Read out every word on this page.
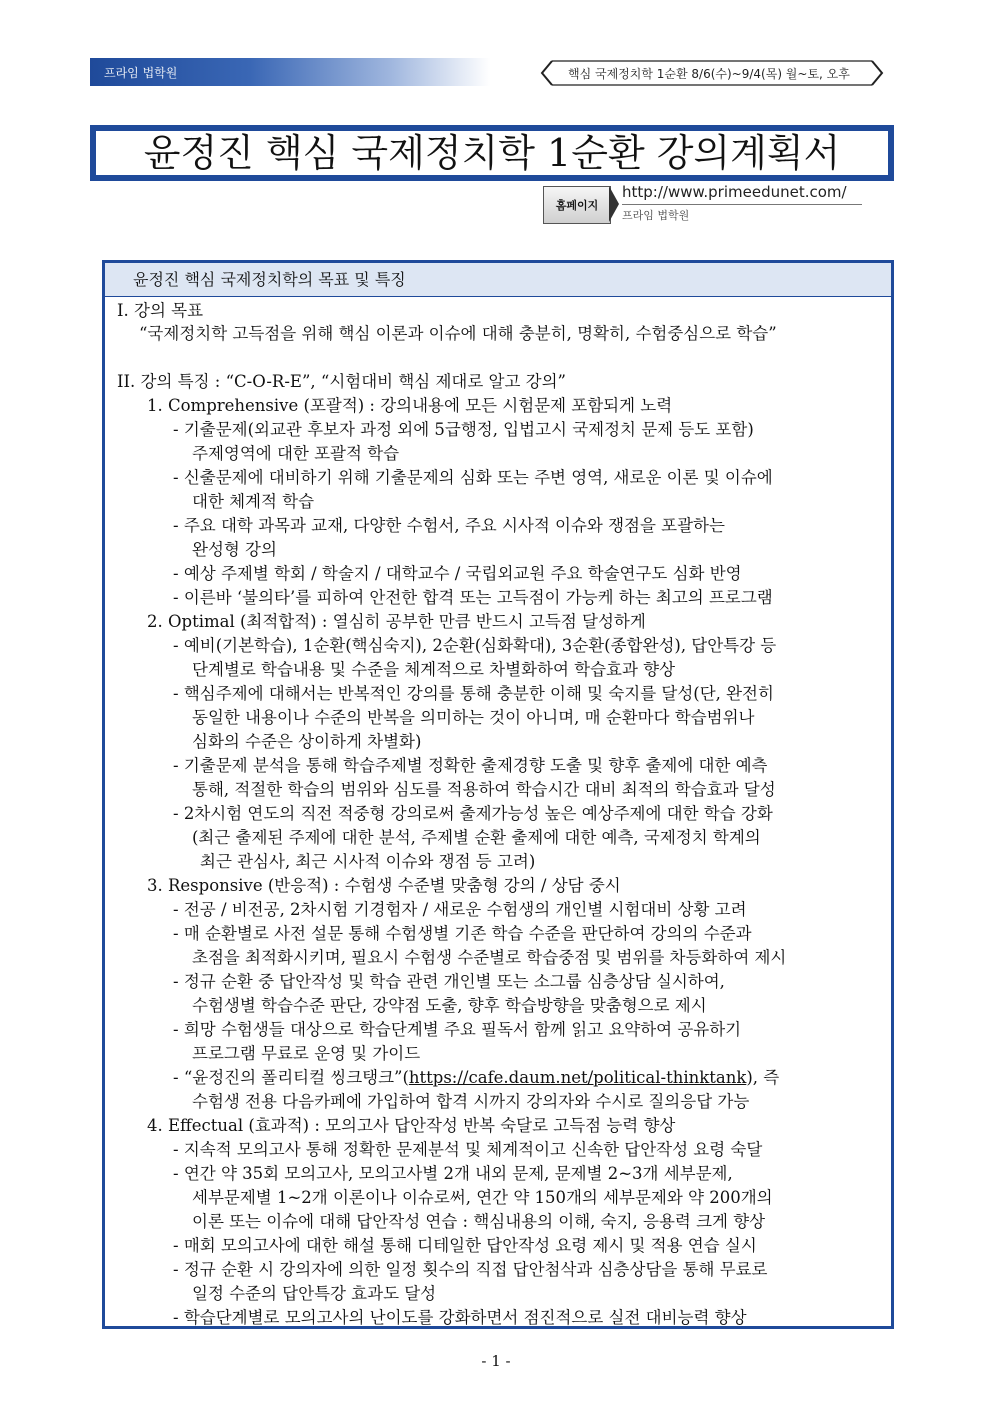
프라임 법학원	핵심 국제정치학 1순환 8/6(수)~9/4(목) 월~토, 오후
윤정진 핵심 국제정치학 1순환 강의계획서
홈페이지
http://www.primeedunet.com/
프라임 법학원
윤정진 핵심 국제정치학의 목표 및 특징
I. 강의 목표
“국제정치학 고득점을 위해 핵심 이론과 이슈에 대해 충분히, 명확히, 수험중심으로 학습”
II. 강의 특징 : “C-O-R-E”, “시험대비 핵심 제대로 알고 강의”
1. Comprehensive (포괄적) : 강의내용에 모든 시험문제 포함되게 노력
- 기출문제(외교관 후보자 과정 외에 5급행정, 입법고시 국제정치 문제 등도 포함)
주제영역에 대한 포괄적 학습
- 신출문제에 대비하기 위해 기출문제의 심화 또는 주변 영역, 새로운 이론 및 이슈에
대한 체계적 학습
- 주요 대학 과목과 교재, 다양한 수험서, 주요 시사적 이슈와 쟁점을 포괄하는
완성형 강의
- 예상 주제별 학회 / 학술지 / 대학교수 / 국립외교원 주요 학술연구도 심화 반영
- 이른바 ‘불의타’를 피하여 안전한 합격 또는 고득점이 가능케 하는 최고의 프로그램
2. Optimal (최적합적) : 열심히 공부한 만큼 반드시 고득점 달성하게
- 예비(기본학습), 1순환(핵심숙지), 2순환(심화확대), 3순환(종합완성), 답안특강 등
단계별로 학습내용 및 수준을 체계적으로 차별화하여 학습효과 향상
- 핵심주제에 대해서는 반복적인 강의를 통해 충분한 이해 및 숙지를 달성(단, 완전히
동일한 내용이나 수준의 반복을 의미하는 것이 아니며, 매 순환마다 학습범위나
심화의 수준은 상이하게 차별화)
- 기출문제 분석을 통해 학습주제별 정확한 출제경향 도출 및 향후 출제에 대한 예측
통해, 적절한 학습의 범위와 심도를 적용하여 학습시간 대비 최적의 학습효과 달성
- 2차시험 연도의 직전 적중형 강의로써 출제가능성 높은 예상주제에 대한 학습 강화
(최근 출제된 주제에 대한 분석, 주제별 순환 출제에 대한 예측, 국제정치 학계의
최근 관심사, 최근 시사적 이슈와 쟁점 등 고려)
3. Responsive (반응적) : 수험생 수준별 맞춤형 강의 / 상담 중시
- 전공 / 비전공, 2차시험 기경험자 / 새로운 수험생의 개인별 시험대비 상황 고려
- 매 순환별로 사전 설문 통해 수험생별 기존 학습 수준을 판단하여 강의의 수준과
초점을 최적화시키며, 필요시 수험생 수준별로 학습중점 및 범위를 차등화하여 제시
- 정규 순환 중 답안작성 및 학습 관련 개인별 또는 소그룹 심층상담 실시하여,
수험생별 학습수준 판단, 강약점 도출, 향후 학습방향을 맞춤형으로 제시
- 희망 수험생들 대상으로 학습단계별 주요 필독서 함께 읽고 요약하여 공유하기
프로그램 무료로 운영 및 가이드
- “윤정진의 폴리티컬 씽크탱크”(https://cafe.daum.net/political-thinktank), 즉
수험생 전용 다음카페에 가입하여 합격 시까지 강의자와 수시로 질의응답 가능
4. Effectual (효과적) : 모의고사 답안작성 반복 숙달로 고득점 능력 향상
- 지속적 모의고사 통해 정확한 문제분석 및 체계적이고 신속한 답안작성 요령 숙달
- 연간 약 35회 모의고사, 모의고사별 2개 내외 문제, 문제별 2~3개 세부문제,
세부문제별 1~2개 이론이나 이슈로써, 연간 약 150개의 세부문제와 약 200개의
이론 또는 이슈에 대해 답안작성 연습 : 핵심내용의 이해, 숙지, 응용력 크게 향상
- 매회 모의고사에 대한 해설 통해 디테일한 답안작성 요령 제시 및 적용 연습 실시
- 정규 순환 시 강의자에 의한 일정 횟수의 직접 답안첨삭과 심층상담을 통해 무료로
일정 수준의 답안특강 효과도 달성
- 학습단계별로 모의고사의 난이도를 강화하면서 점진적으로 실전 대비능력 향상
- 1 -
